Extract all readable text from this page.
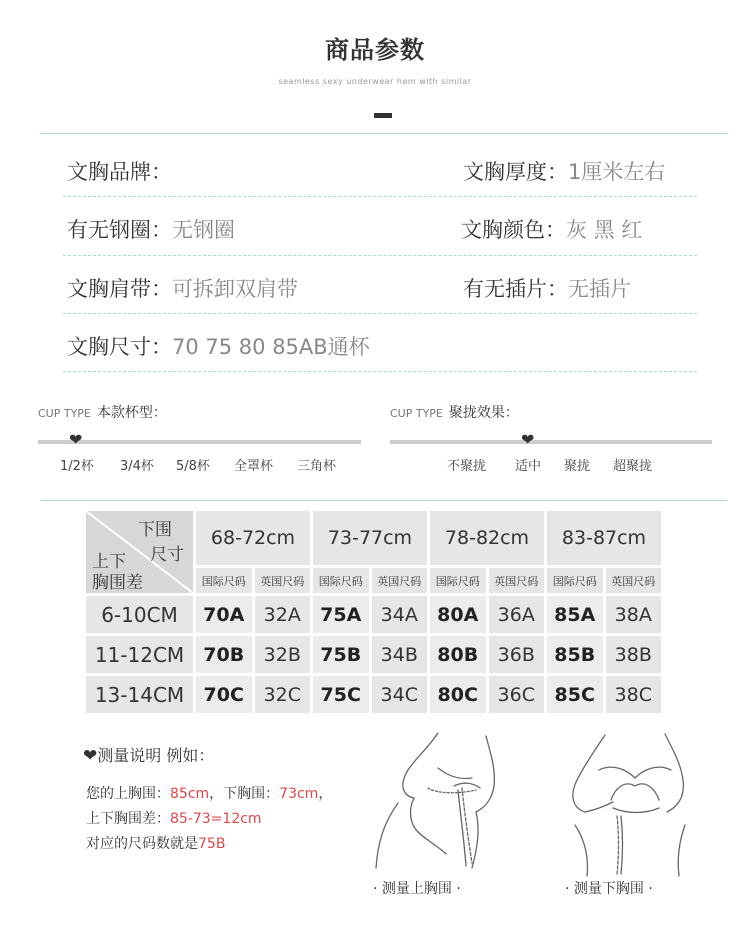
商品参数
seamless sexy underwear hem with similar
文胸品牌：	文胸厚度：1厘米左右
有无钢圈：无钢圈	文胸颜色：灰 黑 红
文胸肩带：可拆卸双肩带	有无插片：无插片
文胸尺寸：70 75 80 85AB通杯
CUP TYPE 本款杯型：
❤
1/2杯 3/4杯 5/8杯 全罩杯 三角杯
CUP TYPE 聚拢效果：
❤
不聚拢 适中 聚拢 超聚拢
下围
尺寸
上下
胸围差	68-72cm		73-77cm		78-82cm		83-87cm	
	国际尺码	英国尺码	国际尺码	英国尺码	国际尺码	英国尺码	国际尺码	英国尺码
6-10CM	70A	32A	75A	34A	80A	36A	85A	38A
11-12CM	70B	32B	75B	34B	80B	36B	85B	38B
13-14CM	70C	32C	75C	34C	80C	36C	85C	38C
❤测量说明 例如：
您的上胸围：85cm，下胸围：73cm，
上下胸围差：85-73=12cm
对应的尺码数就是75B
· 测量上胸围 ·	· 测量下胸围 ·
